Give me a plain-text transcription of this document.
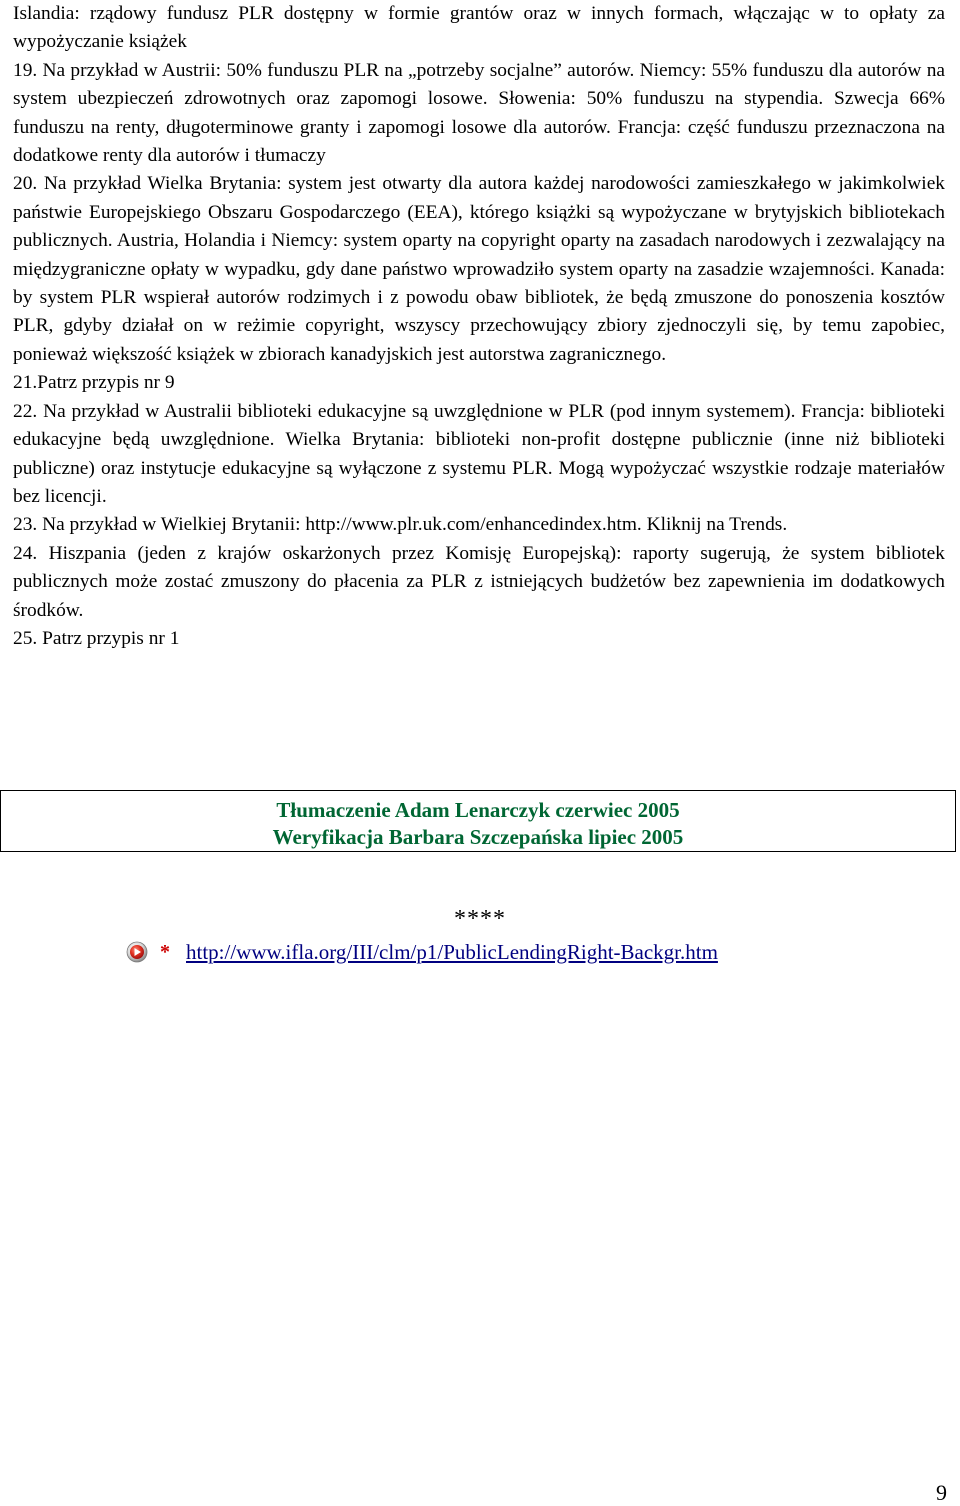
Islandia: rządowy fundusz PLR dostępny w formie grantów oraz w innych formach, włączając w to opłaty za wypożyczanie książek

19. Na przykład w Austrii: 50% funduszu PLR na „potrzeby socjalne” autorów. Niemcy: 55% funduszu dla autorów na system ubezpieczeń zdrowotnych oraz zapomogi losowe. Słowenia: 50% funduszu na stypendia. Szwecja 66% funduszu na renty, długoterminowe granty i zapomogi losowe dla autorów. Francja: część funduszu przeznaczona na dodatkowe renty dla autorów i tłumaczy

20. Na przykład Wielka Brytania: system jest otwarty dla autora każdej narodowości zamieszkałego w jakimkolwiek państwie Europejskiego Obszaru Gospodarczego (EEA), którego książki są wypożyczane w brytyjskich bibliotekach publicznych. Austria, Holandia i Niemcy: system oparty na copyright oparty na zasadach narodowych i zezwalający na międzygraniczne opłaty w wypadku, gdy dane państwo wprowadziło system oparty na zasadzie wzajemności. Kanada: by system PLR wspierał autorów rodzimych i z powodu obaw bibliotek, że będą zmuszone do ponoszenia kosztów PLR, gdyby działał on w reżimie copyright, wszyscy przechowujący zbiory zjednoczyli się, by temu zapobiec, ponieważ większość książek w zbiorach kanadyjskich jest autorstwa zagranicznego.

21.Patrz przypis nr 9

22. Na przykład w Australii biblioteki edukacyjne są uwzględnione w PLR (pod innym systemem). Francja: biblioteki edukacyjne będą uwzględnione. Wielka Brytania: biblioteki non-profit dostępne publicznie (inne niż biblioteki publiczne) oraz instytucje edukacyjne są wyłączone z systemu PLR. Mogą wypożyczać wszystkie rodzaje materiałów bez licencji.

23. Na przykład w Wielkiej Brytanii: http://www.plr.uk.com/enhancedindex.htm. Kliknij na Trends.

24. Hiszpania (jeden z krajów oskarżonych przez Komisję Europejską): raporty sugerują, że system bibliotek publicznych może zostać zmuszony do płacenia za PLR z istniejących budżetów bez zapewnienia im dodatkowych środków.

25. Patrz przypis nr 1

Tłumaczenie Adam Lenarczyk czerwiec 2005
Weryfikacja Barbara Szczepańska lipiec 2005
****
* http://www.ifla.org/III/clm/p1/PublicLendingRight-Backgr.htm
9
